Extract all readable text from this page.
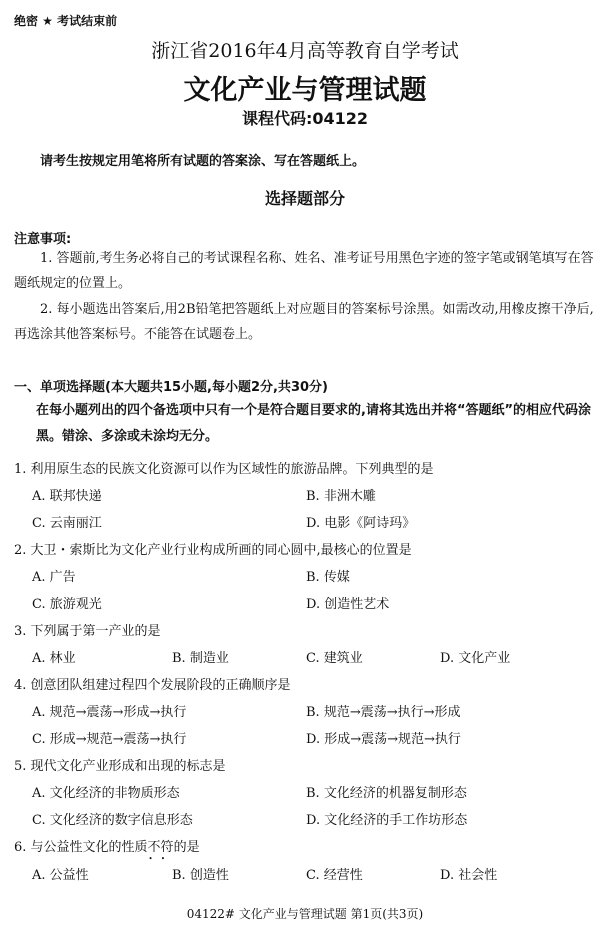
绝密 ★ 考试结束前
浙江省2016年4月高等教育自学考试
文化产业与管理试题
课程代码:04122
请考生按规定用笔将所有试题的答案涂、写在答题纸上。
选择题部分
注意事项:
1. 答题前,考生务必将自己的考试课程名称、姓名、准考证号用黑色字迹的签字笔或钢笔填写在答题纸规定的位置上。
2. 每小题选出答案后,用2B铅笔把答题纸上对应题目的答案标号涂黑。如需改动,用橡皮擦干净后,再选涂其他答案标号。不能答在试题卷上。
一、单项选择题(本大题共15小题,每小题2分,共30分)
在每小题列出的四个备选项中只有一个是符合题目要求的,请将其选出并将“答题纸”的相应代码涂黑。错涂、多涂或未涂均无分。
1. 利用原生态的民族文化资源可以作为区域性的旅游品牌。下列典型的是
A. 联邦快递	B. 非洲木雕
C. 云南丽江	D. 电影《阿诗玛》
2. 大卫・索斯比为文化产业行业构成所画的同心圆中,最核心的位置是
A. 广告	B. 传媒
C. 旅游观光	D. 创造性艺术
3. 下列属于第一产业的是
A. 林业	B. 制造业	C. 建筑业	D. 文化产业
4. 创意团队组建过程四个发展阶段的正确顺序是
A. 规范→震荡→形成→执行	B. 规范→震荡→执行→形成
C. 形成→规范→震荡→执行	D. 形成→震荡→规范→执行
5. 现代文化产业形成和出现的标志是
A. 文化经济的非物质形态	B. 文化经济的机器复制形态
C. 文化经济的数字信息形态	D. 文化经济的手工作坊形态
6. 与公益性文化的性质不符 • •的是
A. 公益性	B. 创造性	C. 经营性	D. 社会性
04122# 文化产业与管理试题 第1页(共3页)
